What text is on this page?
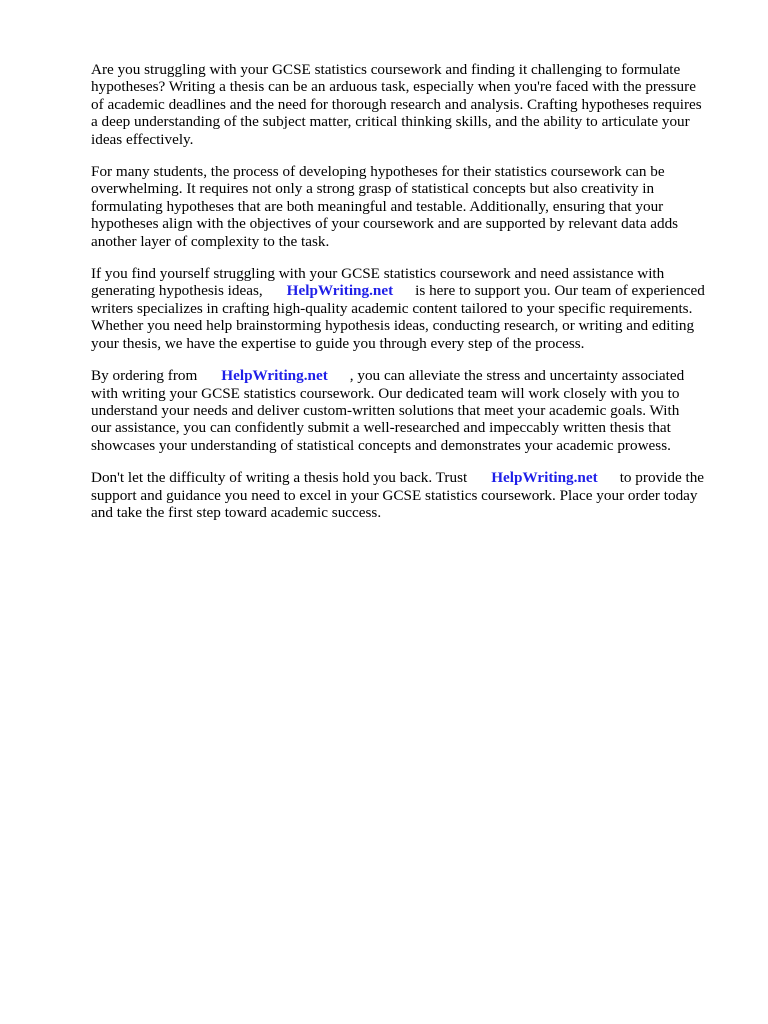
Are you struggling with your GCSE statistics coursework and finding it challenging to formulate
hypotheses? Writing a thesis can be an arduous task, especially when you're faced with the pressure
of academic deadlines and the need for thorough research and analysis. Crafting hypotheses requires
a deep understanding of the subject matter, critical thinking skills, and the ability to articulate your
ideas effectively.

For many students, the process of developing hypotheses for their statistics coursework can be
overwhelming. It requires not only a strong grasp of statistical concepts but also creativity in
formulating hypotheses that are both meaningful and testable. Additionally, ensuring that your
hypotheses align with the objectives of your coursework and are supported by relevant data adds
another layer of complexity to the task.

If you find yourself struggling with your GCSE statistics coursework and need assistance with
generating hypothesis ideas, HelpWriting.net is here to support you. Our team of experienced
writers specializes in crafting high-quality academic content tailored to your specific requirements.
Whether you need help brainstorming hypothesis ideas, conducting research, or writing and editing
your thesis, we have the expertise to guide you through every step of the process.

By ordering from HelpWriting.net , you can alleviate the stress and uncertainty associated
with writing your GCSE statistics coursework. Our dedicated team will work closely with you to
understand your needs and deliver custom-written solutions that meet your academic goals. With
our assistance, you can confidently submit a well-researched and impeccably written thesis that
showcases your understanding of statistical concepts and demonstrates your academic prowess.

Don't let the difficulty of writing a thesis hold you back. Trust HelpWriting.net to provide the
support and guidance you need to excel in your GCSE statistics coursework. Place your order today
and take the first step toward academic success.
